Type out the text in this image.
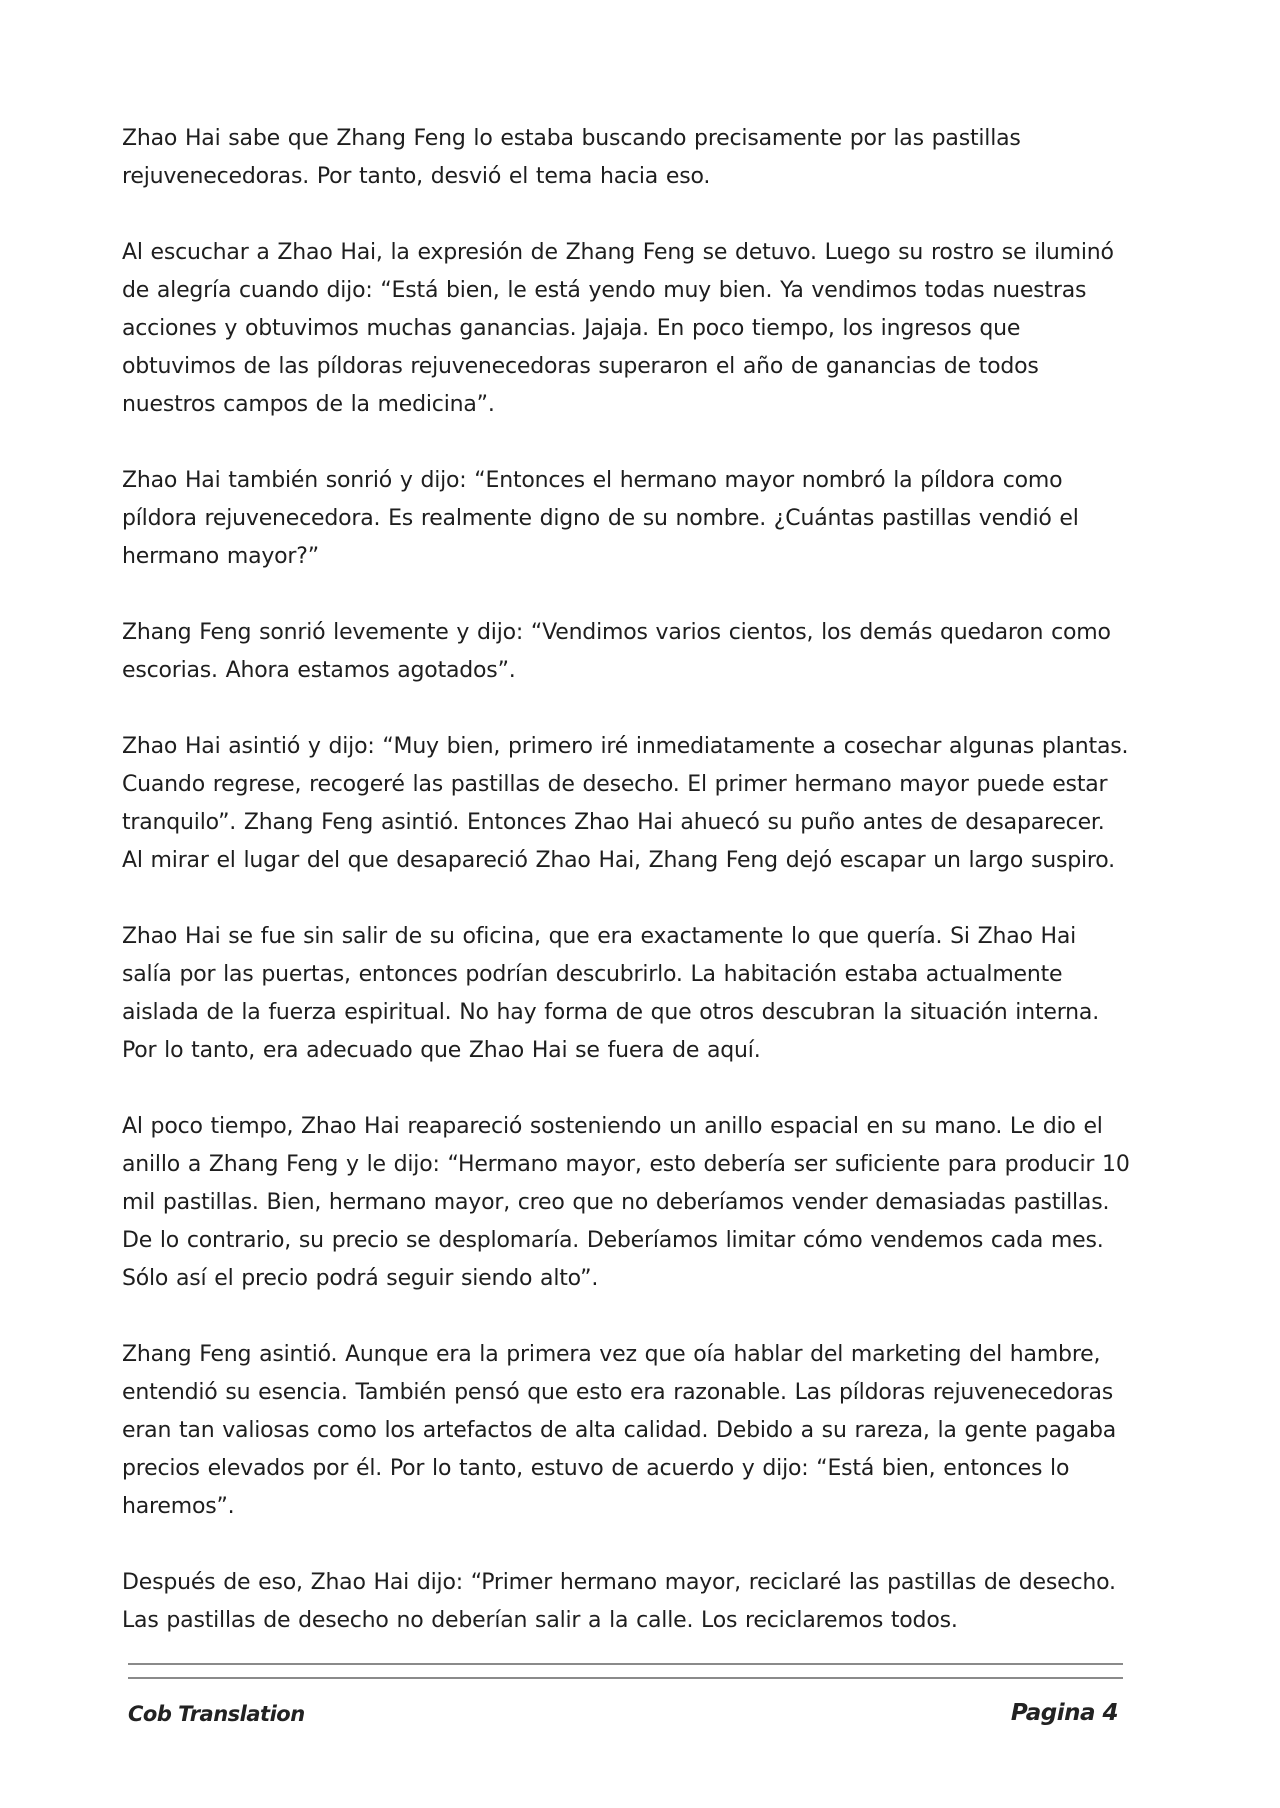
Zhao Hai sabe que Zhang Feng lo estaba buscando precisamente por las pastillas rejuvenecedoras. Por tanto, desvió el tema hacia eso.

Al escuchar a Zhao Hai, la expresión de Zhang Feng se detuvo. Luego su rostro se iluminó de alegría cuando dijo: “Está bien, le está yendo muy bien. Ya vendimos todas nuestras acciones y obtuvimos muchas ganancias. Jajaja. En poco tiempo, los ingresos que obtuvimos de las píldoras rejuvenecedoras superaron el año de ganancias de todos nuestros campos de la medicina”.

Zhao Hai también sonrió y dijo: “Entonces el hermano mayor nombró la píldora como píldora rejuvenecedora. Es realmente digno de su nombre. ¿Cuántas pastillas vendió el hermano mayor?”

Zhang Feng sonrió levemente y dijo: “Vendimos varios cientos, los demás quedaron como escorias. Ahora estamos agotados”.

Zhao Hai asintió y dijo: “Muy bien, primero iré inmediatamente a cosechar algunas plantas. Cuando regrese, recogeré las pastillas de desecho. El primer hermano mayor puede estar tranquilo”. Zhang Feng asintió. Entonces Zhao Hai ahuecó su puño antes de desaparecer. Al mirar el lugar del que desapareció Zhao Hai, Zhang Feng dejó escapar un largo suspiro.

Zhao Hai se fue sin salir de su oficina, que era exactamente lo que quería. Si Zhao Hai salía por las puertas, entonces podrían descubrirlo. La habitación estaba actualmente aislada de la fuerza espiritual. No hay forma de que otros descubran la situación interna. Por lo tanto, era adecuado que Zhao Hai se fuera de aquí.

Al poco tiempo, Zhao Hai reapareció sosteniendo un anillo espacial en su mano. Le dio el anillo a Zhang Feng y le dijo: “Hermano mayor, esto debería ser suficiente para producir 10 mil pastillas. Bien, hermano mayor, creo que no deberíamos vender demasiadas pastillas. De lo contrario, su precio se desplomaría. Deberíamos limitar cómo vendemos cada mes. Sólo así el precio podrá seguir siendo alto”.

Zhang Feng asintió. Aunque era la primera vez que oía hablar del marketing del hambre, entendió su esencia. También pensó que esto era razonable. Las píldoras rejuvenecedoras eran tan valiosas como los artefactos de alta calidad. Debido a su rareza, la gente pagaba precios elevados por él. Por lo tanto, estuvo de acuerdo y dijo: “Está bien, entonces lo haremos”.

Después de eso, Zhao Hai dijo: “Primer hermano mayor, reciclaré las pastillas de desecho. Las pastillas de desecho no deberían salir a la calle. Los reciclaremos todos.

Cob Translation	Pagina 4
